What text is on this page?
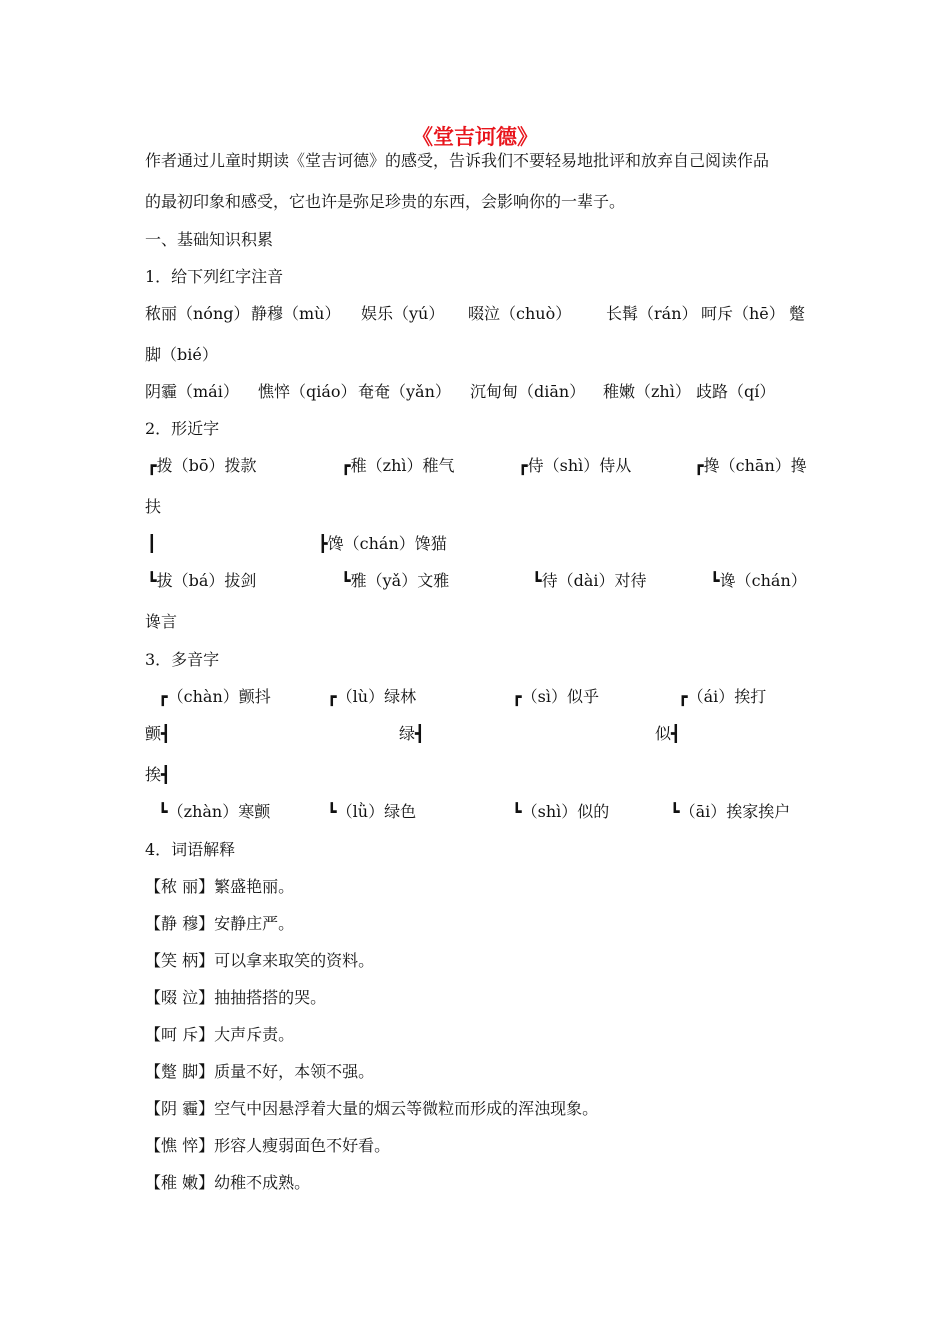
《堂吉诃德》
作者通过儿童时期读《堂吉诃德》的感受，告诉我们不要轻易地批评和放弃自己阅读作品
的最初印象和感受，它也许是弥足珍贵的东西，会影响你的一辈子。
一、基础知识积累
1．给下列红字注音
秾丽（nóng） 静穆（mù） 娱乐（yú） 啜泣（chuò） 长髯（rán） 呵斥（hē） 蹩
脚（bié）
阴霾（mái） 憔悴（qiáo） 奄奄（yǎn） 沉甸甸（diān） 稚嫩（zhì） 歧路（qí）
2．形近字
┏拨（bō）拨款	┏稚（zhì）稚气	┏侍（shì）侍从	┏搀（chān）搀
扶
┃	┣馋（chán）馋猫
┗拔（bá）拔剑	┗雅（yǎ）文雅	┗待（dài）对待	┗谗（chán）
谗言
3．多音字
┏（chàn）颤抖	┏（lù）绿林	┏（sì）似乎	┏（ái）挨打
颤┫	绿┫	似┫
挨┫
┗（zhàn）寒颤	┗（lǜ）绿色	┗（shì）似的	┗（āi）挨家挨户
4．词语解释
【秾 丽】繁盛艳丽。
【静 穆】安静庄严。
【笑 柄】可以拿来取笑的资料。
【啜 泣】抽抽搭搭的哭。
【呵 斥】大声斥责。
【蹩 脚】质量不好，本领不强。
【阴 霾】空气中因悬浮着大量的烟云等微粒而形成的浑浊现象。
【憔 悴】形容人瘦弱面色不好看。
【稚 嫩】幼稚不成熟。
